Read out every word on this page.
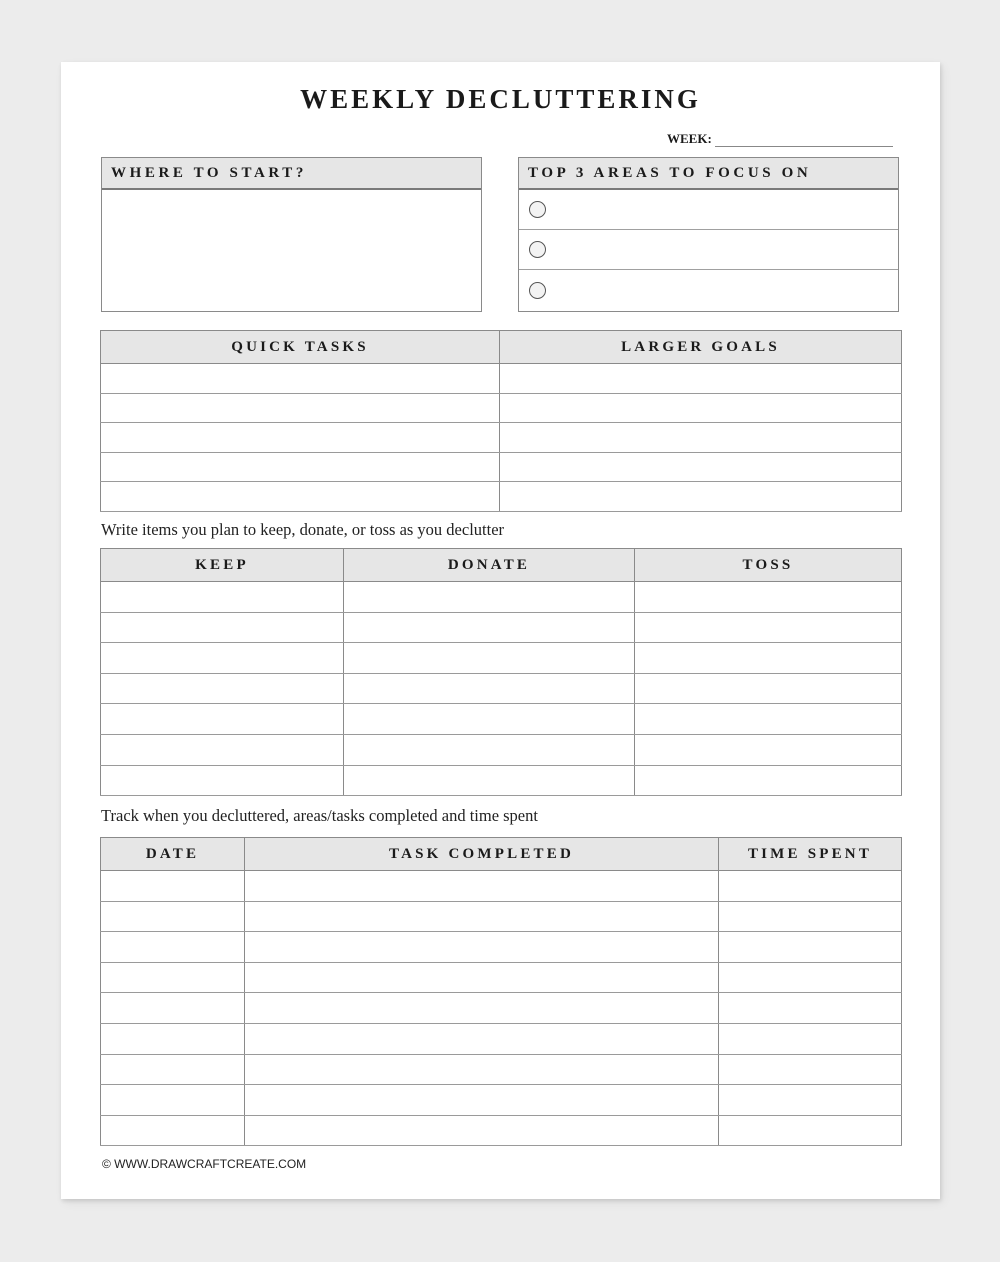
WEEKLY DECLUTTERING
WEEK:
WHERE TO START?	TOP 3 AREAS TO FOCUS ON
QUICK TASKS	LARGER GOALS

Write items you plan to keep, donate, or toss as you declutter
KEEP	DONATE	TOSS

Track when you decluttered, areas/tasks completed and time spent
DATE	TASK COMPLETED	TIME SPENT

© WWW.DRAWCRAFTCREATE.COM
